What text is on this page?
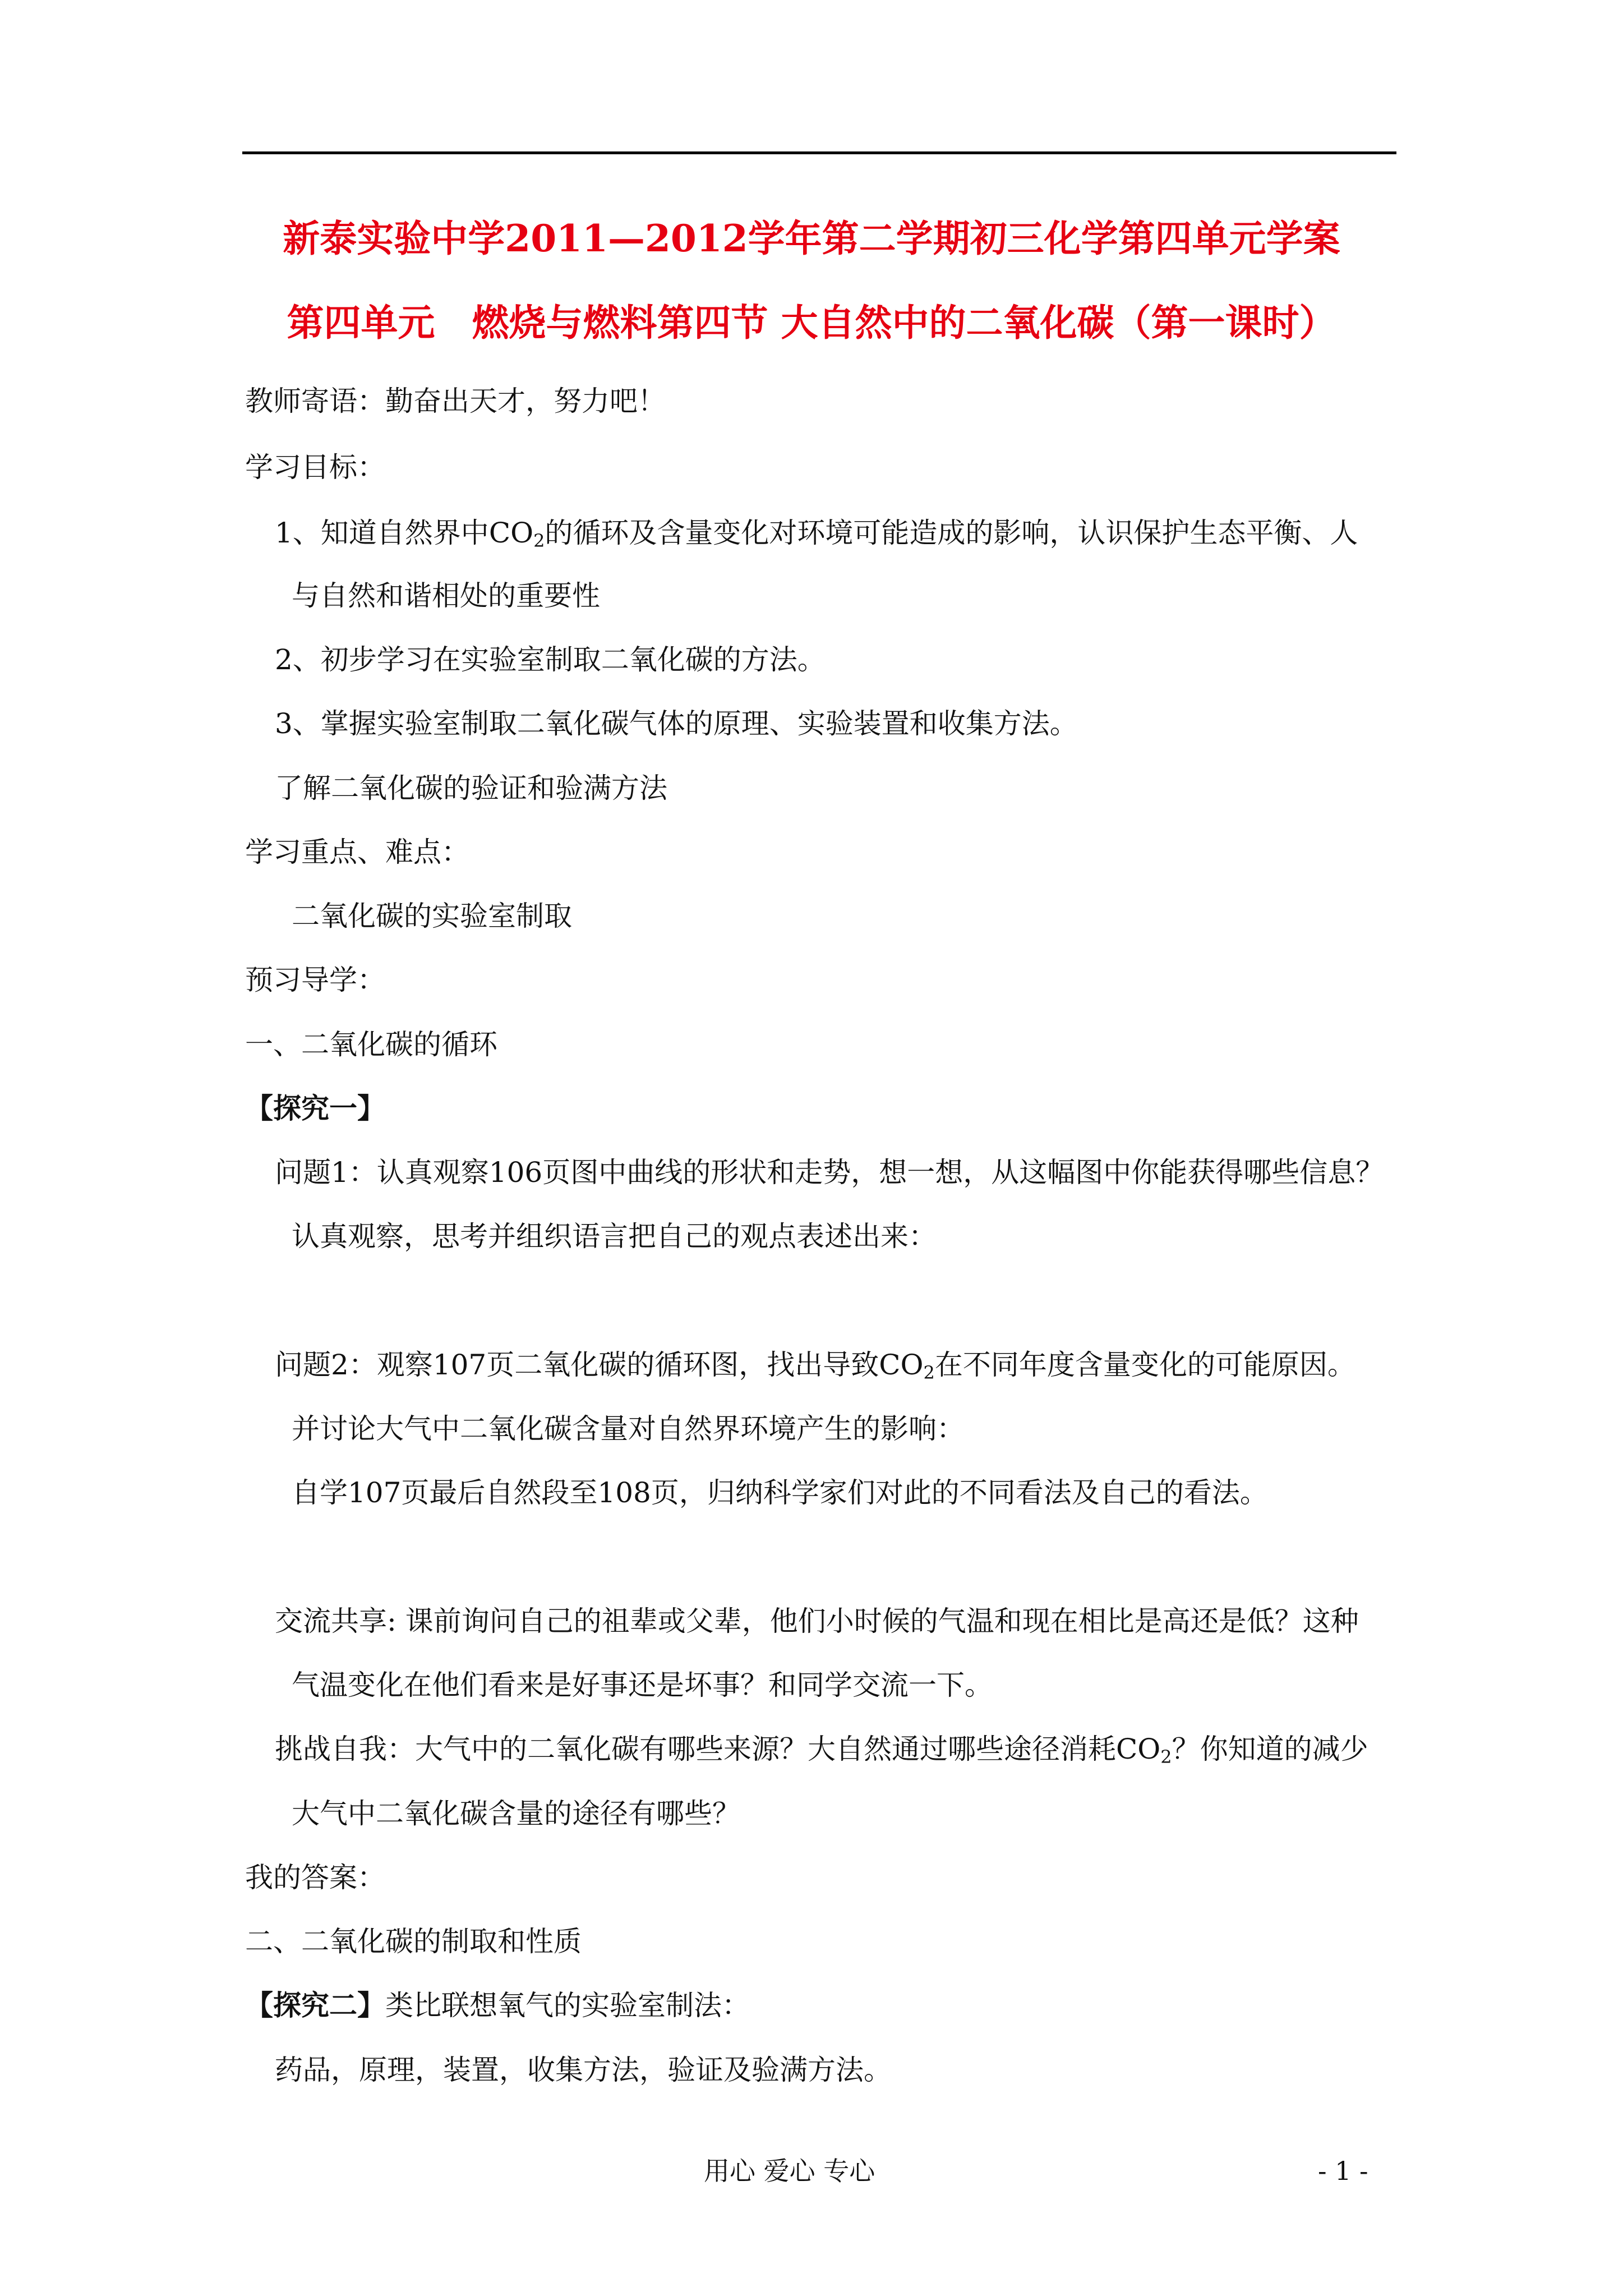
新泰实验中学2011—2012学年第二学期初三化学第四单元学案
第四单元　燃烧与燃料第四节 大自然中的二氧化碳（第一课时）
教师寄语：勤奋出天才，努力吧！
学习目标：
1、知道自然界中$CO_2$的循环及含量变化对环境可能造成的影响，认识保护生态平衡、人
与自然和谐相处的重要性
2、初步学习在实验室制取二氧化碳的方法。
3、掌握实验室制取二氧化碳气体的原理、实验装置和收集方法。
了解二氧化碳的验证和验满方法
学习重点、难点：
二氧化碳的实验室制取
预习导学：
一、二氧化碳的循环
【探究一】
问题1：认真观察106页图中曲线的形状和走势，想一想，从这幅图中你能获得哪些信息？
认真观察，思考并组织语言把自己的观点表述出来：
问题2：观察107页二氧化碳的循环图，找出导致$CO_2$在不同年度含量变化的可能原因。
并讨论大气中二氧化碳含量对自然界环境产生的影响：
自学107页最后自然段至108页，归纳科学家们对此的不同看法及自己的看法。
交流共享: 课前询问自己的祖辈或父辈，他们小时候的气温和现在相比是高还是低？这种
气温变化在他们看来是好事还是坏事？和同学交流一下。
挑战自我：大气中的二氧化碳有哪些来源？大自然通过哪些途径消耗$CO_2$？你知道的减少
大气中二氧化碳含量的途径有哪些？
我的答案：
二、二氧化碳的制取和性质
【探究二】类比联想氧气的实验室制法：
药品，原理，装置，收集方法，验证及验满方法。
用心 爱心 专心	- 1 -
